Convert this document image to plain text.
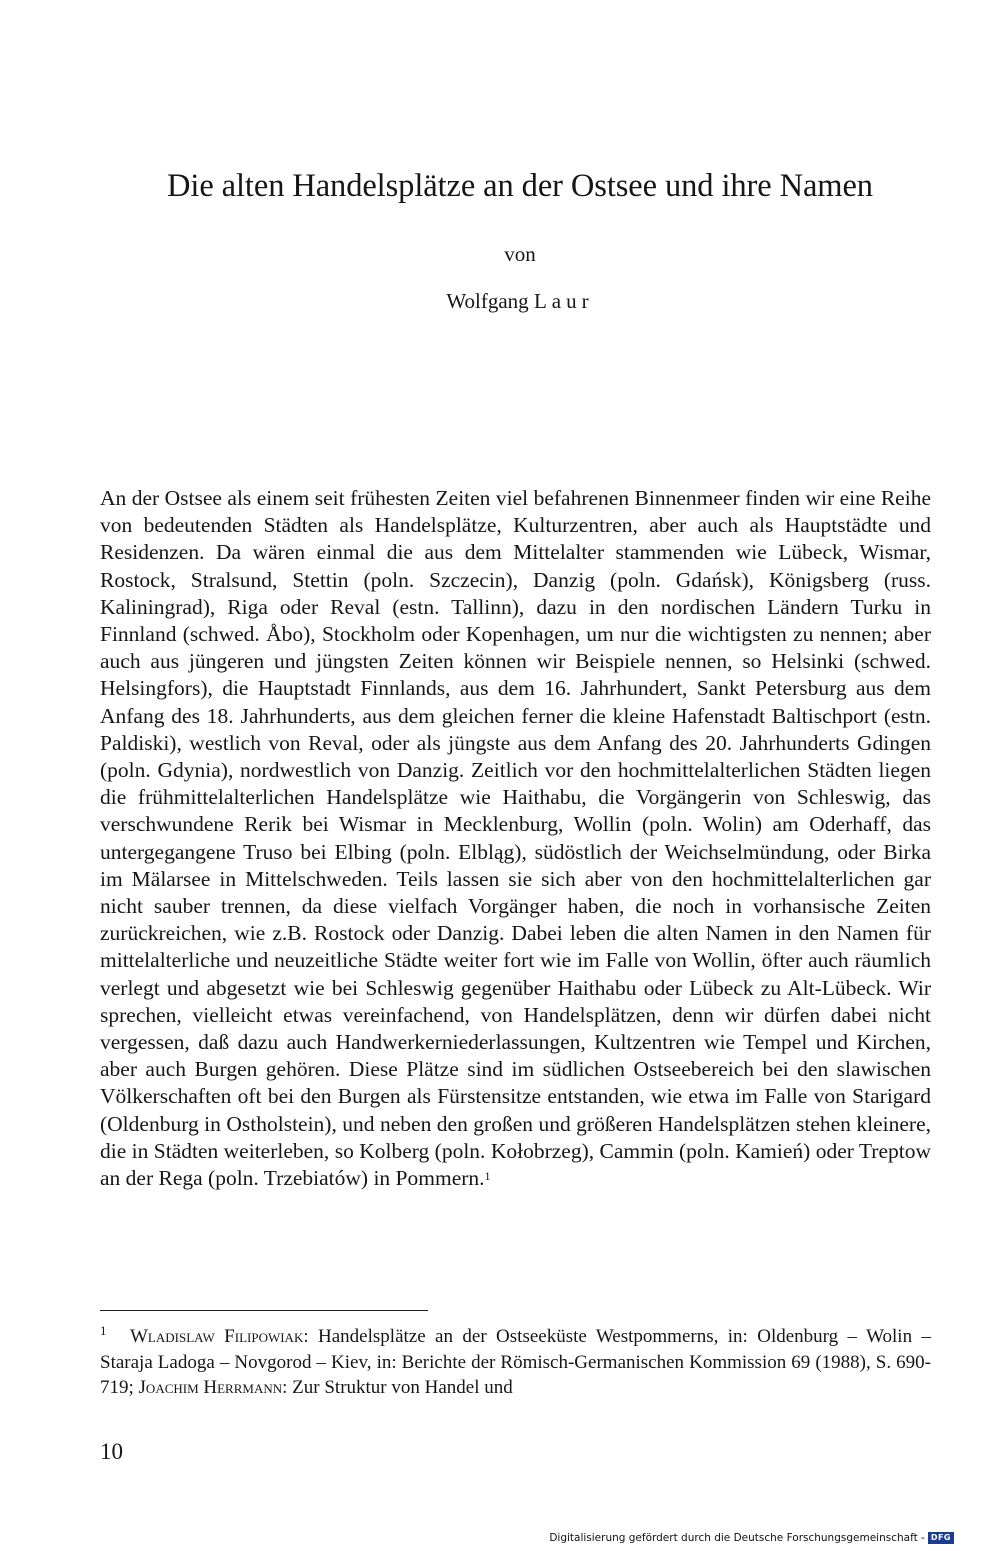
Die alten Handelsplätze an der Ostsee und ihre Namen
von
Wolfgang Laur

An der Ostsee als einem seit frühesten Zeiten viel befahrenen Binnenmeer finden wir eine Reihe von bedeutenden Städten als Handelsplätze, Kulturzentren, aber auch als Hauptstädte und Residenzen. Da wären einmal die aus dem Mittelalter stammenden wie Lübeck, Wismar, Rostock, Stralsund, Stettin (poln. Szczecin), Danzig (poln. Gdańsk), Königsberg (russ. Kaliningrad), Riga oder Reval (estn. Tallinn), dazu in den nordischen Ländern Turku in Finnland (schwed. Åbo), Stockholm oder Kopenhagen, um nur die wichtigsten zu nennen; aber auch aus jüngeren und jüngsten Zeiten können wir Beispiele nennen, so Helsinki (schwed. Helsingfors), die Hauptstadt Finnlands, aus dem 16. Jahrhundert, Sankt Petersburg aus dem Anfang des 18. Jahrhunderts, aus dem gleichen ferner die kleine Hafenstadt Baltischport (estn. Paldiski), westlich von Reval, oder als jüngste aus dem Anfang des 20. Jahrhunderts Gdingen (poln. Gdynia), nordwestlich von Danzig. Zeitlich vor den hochmittelalterlichen Städten liegen die frühmittelalterlichen Handelsplätze wie Haithabu, die Vorgängerin von Schleswig, das verschwundene Rerik bei Wismar in Mecklenburg, Wollin (poln. Wolin) am Oderhaff, das untergegangene Truso bei Elbing (poln. Elbląg), südöstlich der Weichselmündung, oder Birka im Mälarsee in Mittelschweden. Teils lassen sie sich aber von den hochmittelalterlichen gar nicht sauber trennen, da diese vielfach Vorgänger haben, die noch in vorhansische Zeiten zurückreichen, wie z.B. Rostock oder Danzig. Dabei leben die alten Namen in den Namen für mittelalterliche und neuzeitliche Städte weiter fort wie im Falle von Wollin, öfter auch räumlich verlegt und abgesetzt wie bei Schleswig gegenüber Haithabu oder Lübeck zu Alt-Lübeck. Wir sprechen, vielleicht etwas vereinfachend, von Handelsplätzen, denn wir dürfen dabei nicht vergessen, daß dazu auch Handwerkerniederlassungen, Kultzentren wie Tempel und Kirchen, aber auch Burgen gehören. Diese Plätze sind im südlichen Ostseebereich bei den slawischen Völkerschaften oft bei den Burgen als Fürstensitze entstanden, wie etwa im Falle von Starigard (Oldenburg in Ostholstein), und neben den großen und größeren Handelsplätzen stehen kleinere, die in Städten weiterleben, so Kolberg (poln. Kołobrzeg), Cammin (poln. Kamień) oder Treptow an der Rega (poln. Trzebiatów) in Pommern.$^1$

1	Wladislaw Filipowiak: Handelsplätze an der Ostseeküste Westpommerns, in: Oldenburg – Wolin – Staraja Ladoga – Novgorod – Kiev, in: Berichte der Römisch-Germanischen Kommission 69 (1988), S. 690-719; Joachim Herrmann: Zur Struktur von Handel und

10
Digitalisierung gefördert durch die Deutsche Forschungsgemeinschaft - DFG
